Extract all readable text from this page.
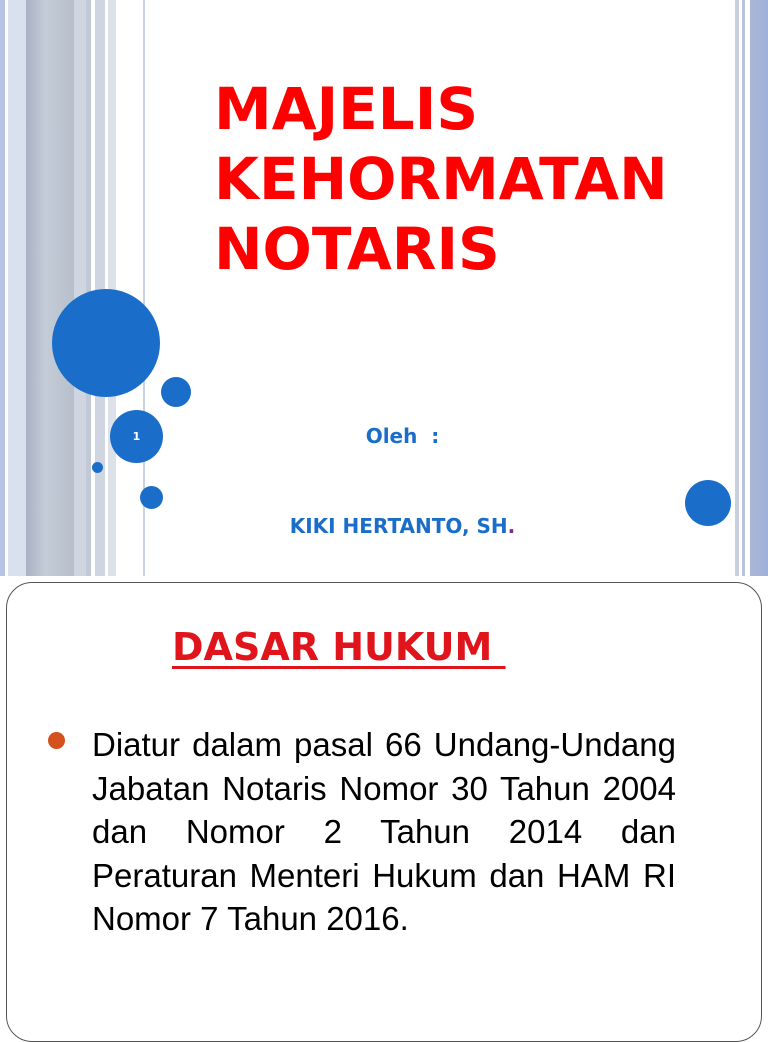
1
MAJELIS
KEHORMATAN
NOTARIS

Oleh  :

KIKI HERTANTO, SH.

DASAR HUKUM

Diatur dalam pasal 66 Undang-Undang  Jabatan Notaris Nomor 30 Tahun 2004 dan Nomor 2 Tahun 2014 dan Peraturan Menteri Hukum dan HAM RI Nomor 7 Tahun 2016.
